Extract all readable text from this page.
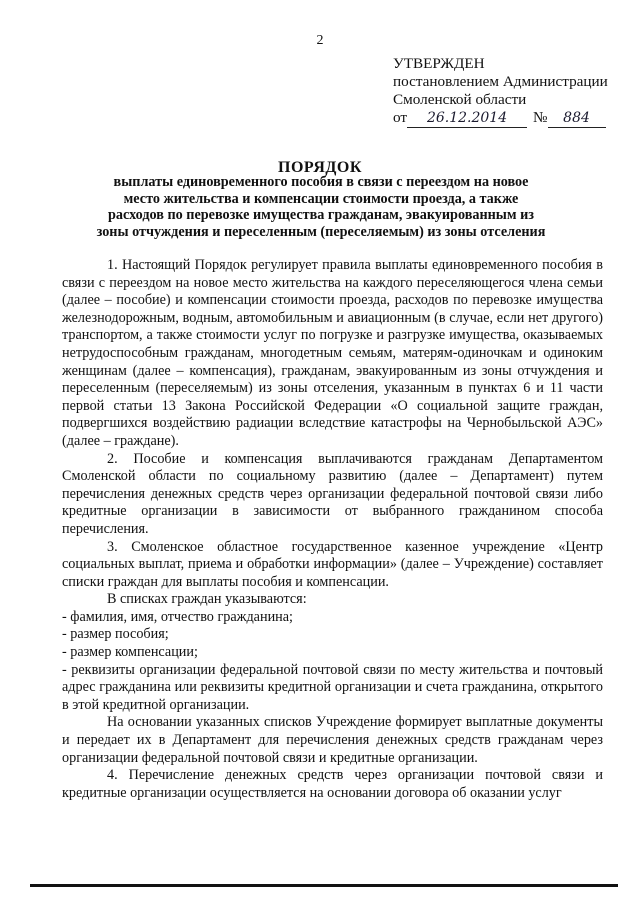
2
УТВЕРЖДЕН
постановлением Администрации
Смоленской области
от	26.12.2014	№	884
ПОРЯДОК
выплаты единовременного пособия в связи с переездом на новое место жительства и компенсации стоимости проезда, а также расходов по перевозке имущества гражданам, эвакуированным из зоны отчуждения и переселенным (переселяемым) из зоны отселения

1. Настоящий Порядок регулирует правила выплаты единовременного пособия в связи с переездом на новое место жительства на каждого переселяющегося члена семьи (далее – пособие) и компенсации стоимости проезда, расходов по перевозке имущества железнодорожным, водным, автомобильным и авиационным (в случае, если нет другого) транспортом, а также стоимости услуг по погрузке и разгрузке имущества, оказываемых нетрудоспособным гражданам, многодетным семьям, матерям-одиночкам и одиноким женщинам (далее – компенсация), гражданам, эвакуированным из зоны отчуждения и переселенным (переселяемым) из зоны отселения, указанным в пунктах 6 и 11 части первой статьи 13 Закона Российской Федерации «О социальной защите граждан, подвергшихся воздействию радиации вследствие катастрофы на Чернобыльской АЭС» (далее – граждане).

2. Пособие и компенсация выплачиваются гражданам Департаментом Смоленской области по социальному развитию (далее – Департамент) путем перечисления денежных средств через организации федеральной почтовой связи либо кредитные организации в зависимости от выбранного гражданином способа перечисления.

3. Смоленское областное государственное казенное учреждение «Центр социальных выплат, приема и обработки информации» (далее – Учреждение) составляет списки граждан для выплаты пособия и компенсации.

В списках граждан указываются:

- фамилия, имя, отчество гражданина;

- размер пособия;

- размер компенсации;

- реквизиты организации федеральной почтовой связи по месту жительства и почтовый адрес гражданина или реквизиты кредитной организации и счета гражданина, открытого в этой кредитной организации.

На основании указанных списков Учреждение формирует выплатные документы и передает их в Департамент для перечисления денежных средств гражданам через организации федеральной почтовой связи и кредитные организации.

4. Перечисление денежных средств через организации почтовой связи и кредитные организации осуществляется на основании договора об оказании услуг
